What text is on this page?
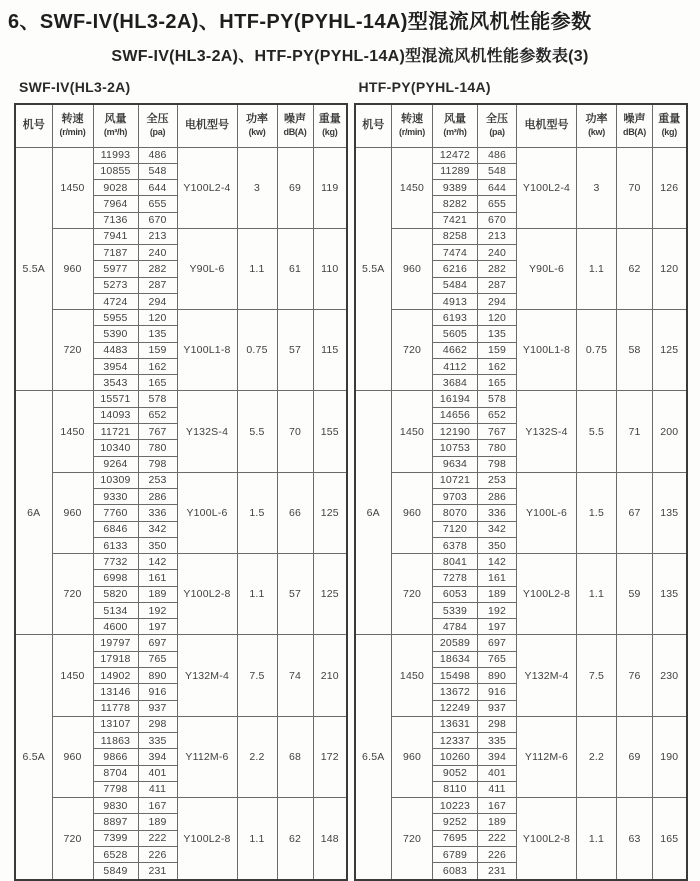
6、SWF-IV(HL3-2A)、HTF-PY(PYHL-14A)型混流风机性能参数
SWF-IV(HL3-2A)、HTF-PY(PYHL-14A)型混流风机性能参数表(3)
SWF-IV(HL3-2A)
机号	转速
(r/min)

风量
(m³/h)

全压
(pa)

电机型号	功率
(kw)

噪声
dB(A)

重量
(kg)

5.5A	1450	11993	486	Y100L2-4	3	69	119
		10855	548				
		9028	644				
		7964	655				
		7136	670				
	960	7941	213	Y90L-6	1.1	61	110
		7187	240				
		5977	282				
		5273	287				
		4724	294				
	720	5955	120	Y100L1-8	0.75	57	115
		5390	135				
		4483	159				
		3954	162				
		3543	165				
6A	1450	15571	578	Y132S-4	5.5	70	155
		14093	652				
		11721	767				
		10340	780				
		9264	798				
	960	10309	253	Y100L-6	1.5	66	125
		9330	286				
		7760	336				
		6846	342				
		6133	350				
	720	7732	142	Y100L2-8	1.1	57	125
		6998	161				
		5820	189				
		5134	192				
		4600	197				
6.5A	1450	19797	697	Y132M-4	7.5	74	210
		17918	765				
		14902	890				
		13146	916				
		11778	937				
	960	13107	298	Y112M-6	2.2	68	172
		11863	335				
		9866	394				
		8704	401				
		7798	411				
	720	9830	167	Y100L2-8	1.1	62	148
		8897	189				
		7399	222				
		6528	226				
		5849	231				
HTF-PY(PYHL-14A)
机号	转速
(r/min)

风量
(m³/h)

全压
(pa)

电机型号	功率
(kw)

噪声
dB(A)

重量
(kg)

5.5A	1450	12472	486	Y100L2-4	3	70	126
		11289	548				
		9389	644				
		8282	655				
		7421	670				
	960	8258	213	Y90L-6	1.1	62	120
		7474	240				
		6216	282				
		5484	287				
		4913	294				
	720	6193	120	Y100L1-8	0.75	58	125
		5605	135				
		4662	159				
		4112	162				
		3684	165				
6A	1450	16194	578	Y132S-4	5.5	71	200
		14656	652				
		12190	767				
		10753	780				
		9634	798				
	960	10721	253	Y100L-6	1.5	67	135
		9703	286				
		8070	336				
		7120	342				
		6378	350				
	720	8041	142	Y100L2-8	1.1	59	135
		7278	161				
		6053	189				
		5339	192				
		4784	197				
6.5A	1450	20589	697	Y132M-4	7.5	76	230
		18634	765				
		15498	890				
		13672	916				
		12249	937				
	960	13631	298	Y112M-6	2.2	69	190
		12337	335				
		10260	394				
		9052	401				
		8110	411				
	720	10223	167	Y100L2-8	1.1	63	165
		9252	189				
		7695	222				
		6789	226				
		6083	231				
